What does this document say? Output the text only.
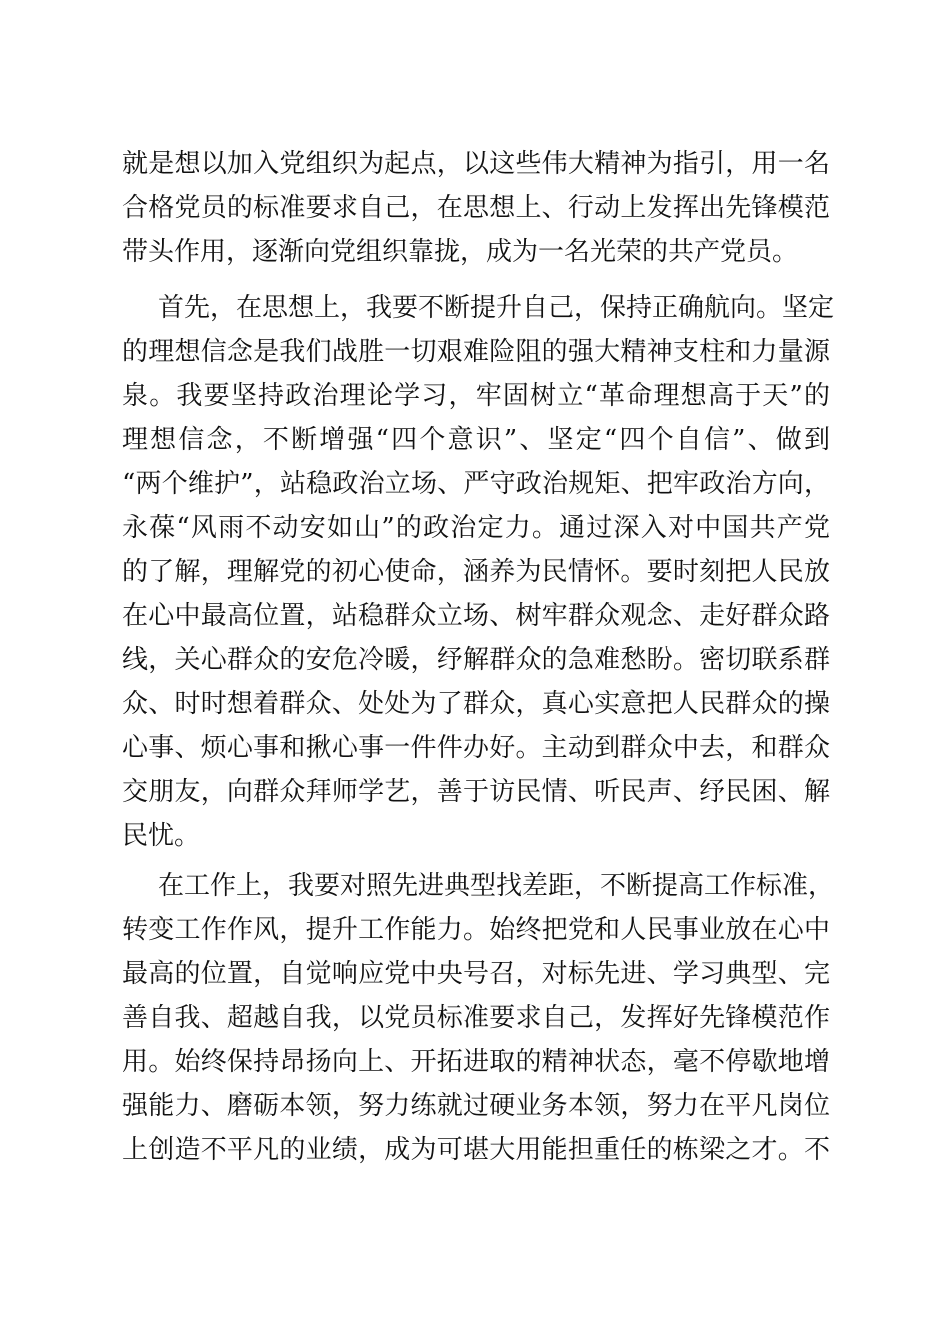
就是想以加入党组织为起点，以这些伟大精神为指引，用一名
合格党员的标准要求自己，在思想上、行动上发挥出先锋模范
带头作用，逐渐向党组织靠拢，成为一名光荣的共产党员。
首先，在思想上，我要不断提升自己，保持正确航向。坚定
的理想信念是我们战胜一切艰难险阻的强大精神支柱和力量源
泉。我要坚持政治理论学习，牢固树立“革命理想高于天”的
理想信念，不断增强“四个意识”、坚定“四个自信”、做到
“两个维护”，站稳政治立场、严守政治规矩、把牢政治方向，
永葆“风雨不动安如山”的政治定力。通过深入对中国共产党
的了解，理解党的初心使命，涵养为民情怀。要时刻把人民放
在心中最高位置，站稳群众立场、树牢群众观念、走好群众路
线，关心群众的安危冷暖，纾解群众的急难愁盼。密切联系群
众、时时想着群众、处处为了群众，真心实意把人民群众的操
心事、烦心事和揪心事一件件办好。主动到群众中去，和群众
交朋友，向群众拜师学艺，善于访民情、听民声、纾民困、解
民忧。
在工作上，我要对照先进典型找差距，不断提高工作标准，
转变工作作风，提升工作能力。始终把党和人民事业放在心中
最高的位置，自觉响应党中央号召，对标先进、学习典型、完
善自我、超越自我，以党员标准要求自己，发挥好先锋模范作
用。始终保持昂扬向上、开拓进取的精神状态，毫不停歇地增
强能力、磨砺本领，努力练就过硬业务本领，努力在平凡岗位
上创造不平凡的业绩，成为可堪大用能担重任的栋梁之才。不
